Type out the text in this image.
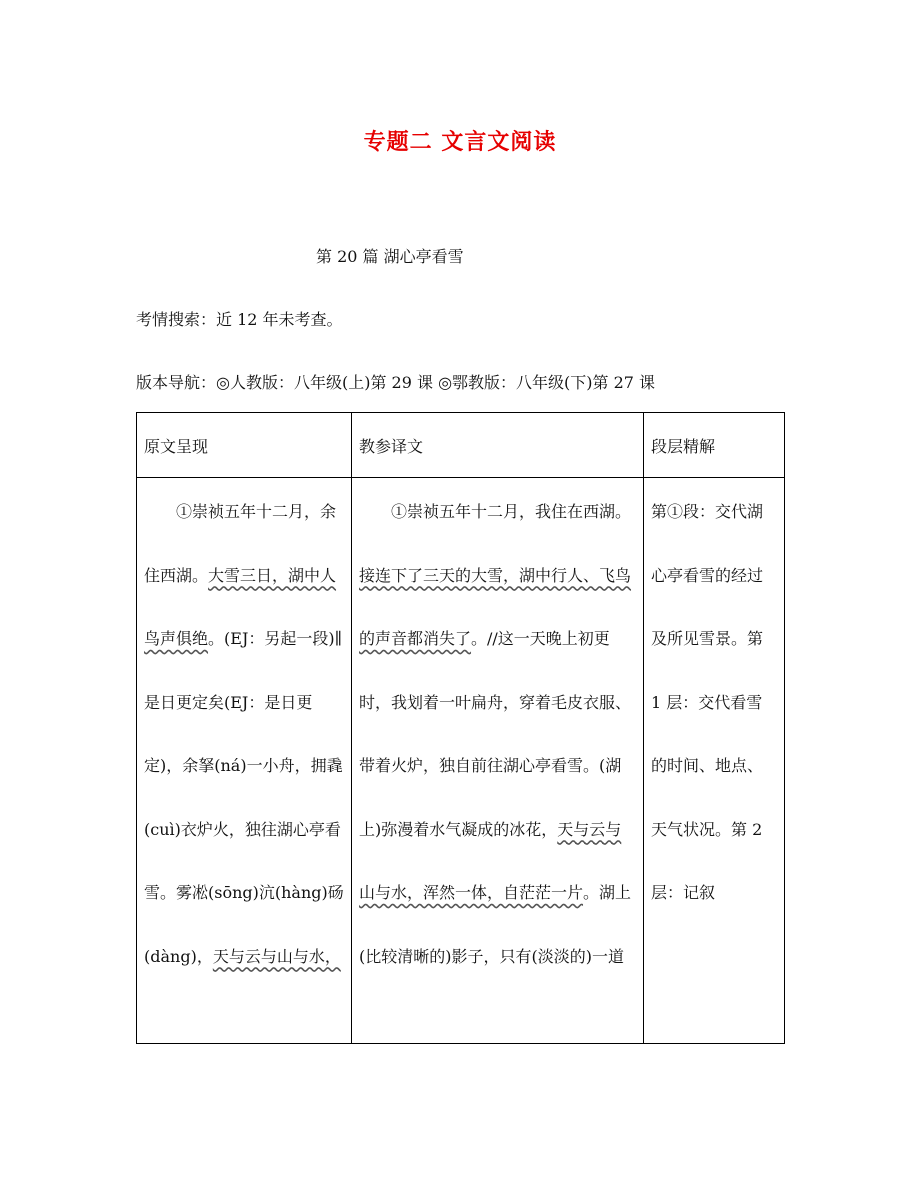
专题二 文言文阅读
第 20 篇 湖心亭看雪
考情搜索：近 12 年未考查。
版本导航：◎人教版：八年级(上)第 29 课 ◎鄂教版：八年级(下)第 27 课
原文呈现	教参译文	段层精解

①崇祯五年十二月，余住西湖。大雪三日，湖中人鸟声俱绝。(EJ：另起一段)∥是日更定矣(EJ：是日更定)，余拏(ná)一小舟，拥毳(cuì)衣炉火，独往湖心亭看雪。雾凇(sōng)沆(hàng)砀(dàng)，天与云与山与水，	①崇祯五年十二月，我住在西湖。接连下了三天的大雪，湖中行人、飞鸟的声音都消失了。//这一天晚上初更时，我划着一叶扁舟，穿着毛皮衣服、带着火炉，独自前往湖心亭看雪。(湖上)弥漫着水气凝成的冰花，天与云与山与水，浑然一体，自茫茫一片。湖上(比较清晰的)影子，只有(淡淡的)一道	第①段：交代湖心亭看雪的经过及所见雪景。第 1 层：交代看雪的时间、地点、天气状况。第 2 层：记叙
